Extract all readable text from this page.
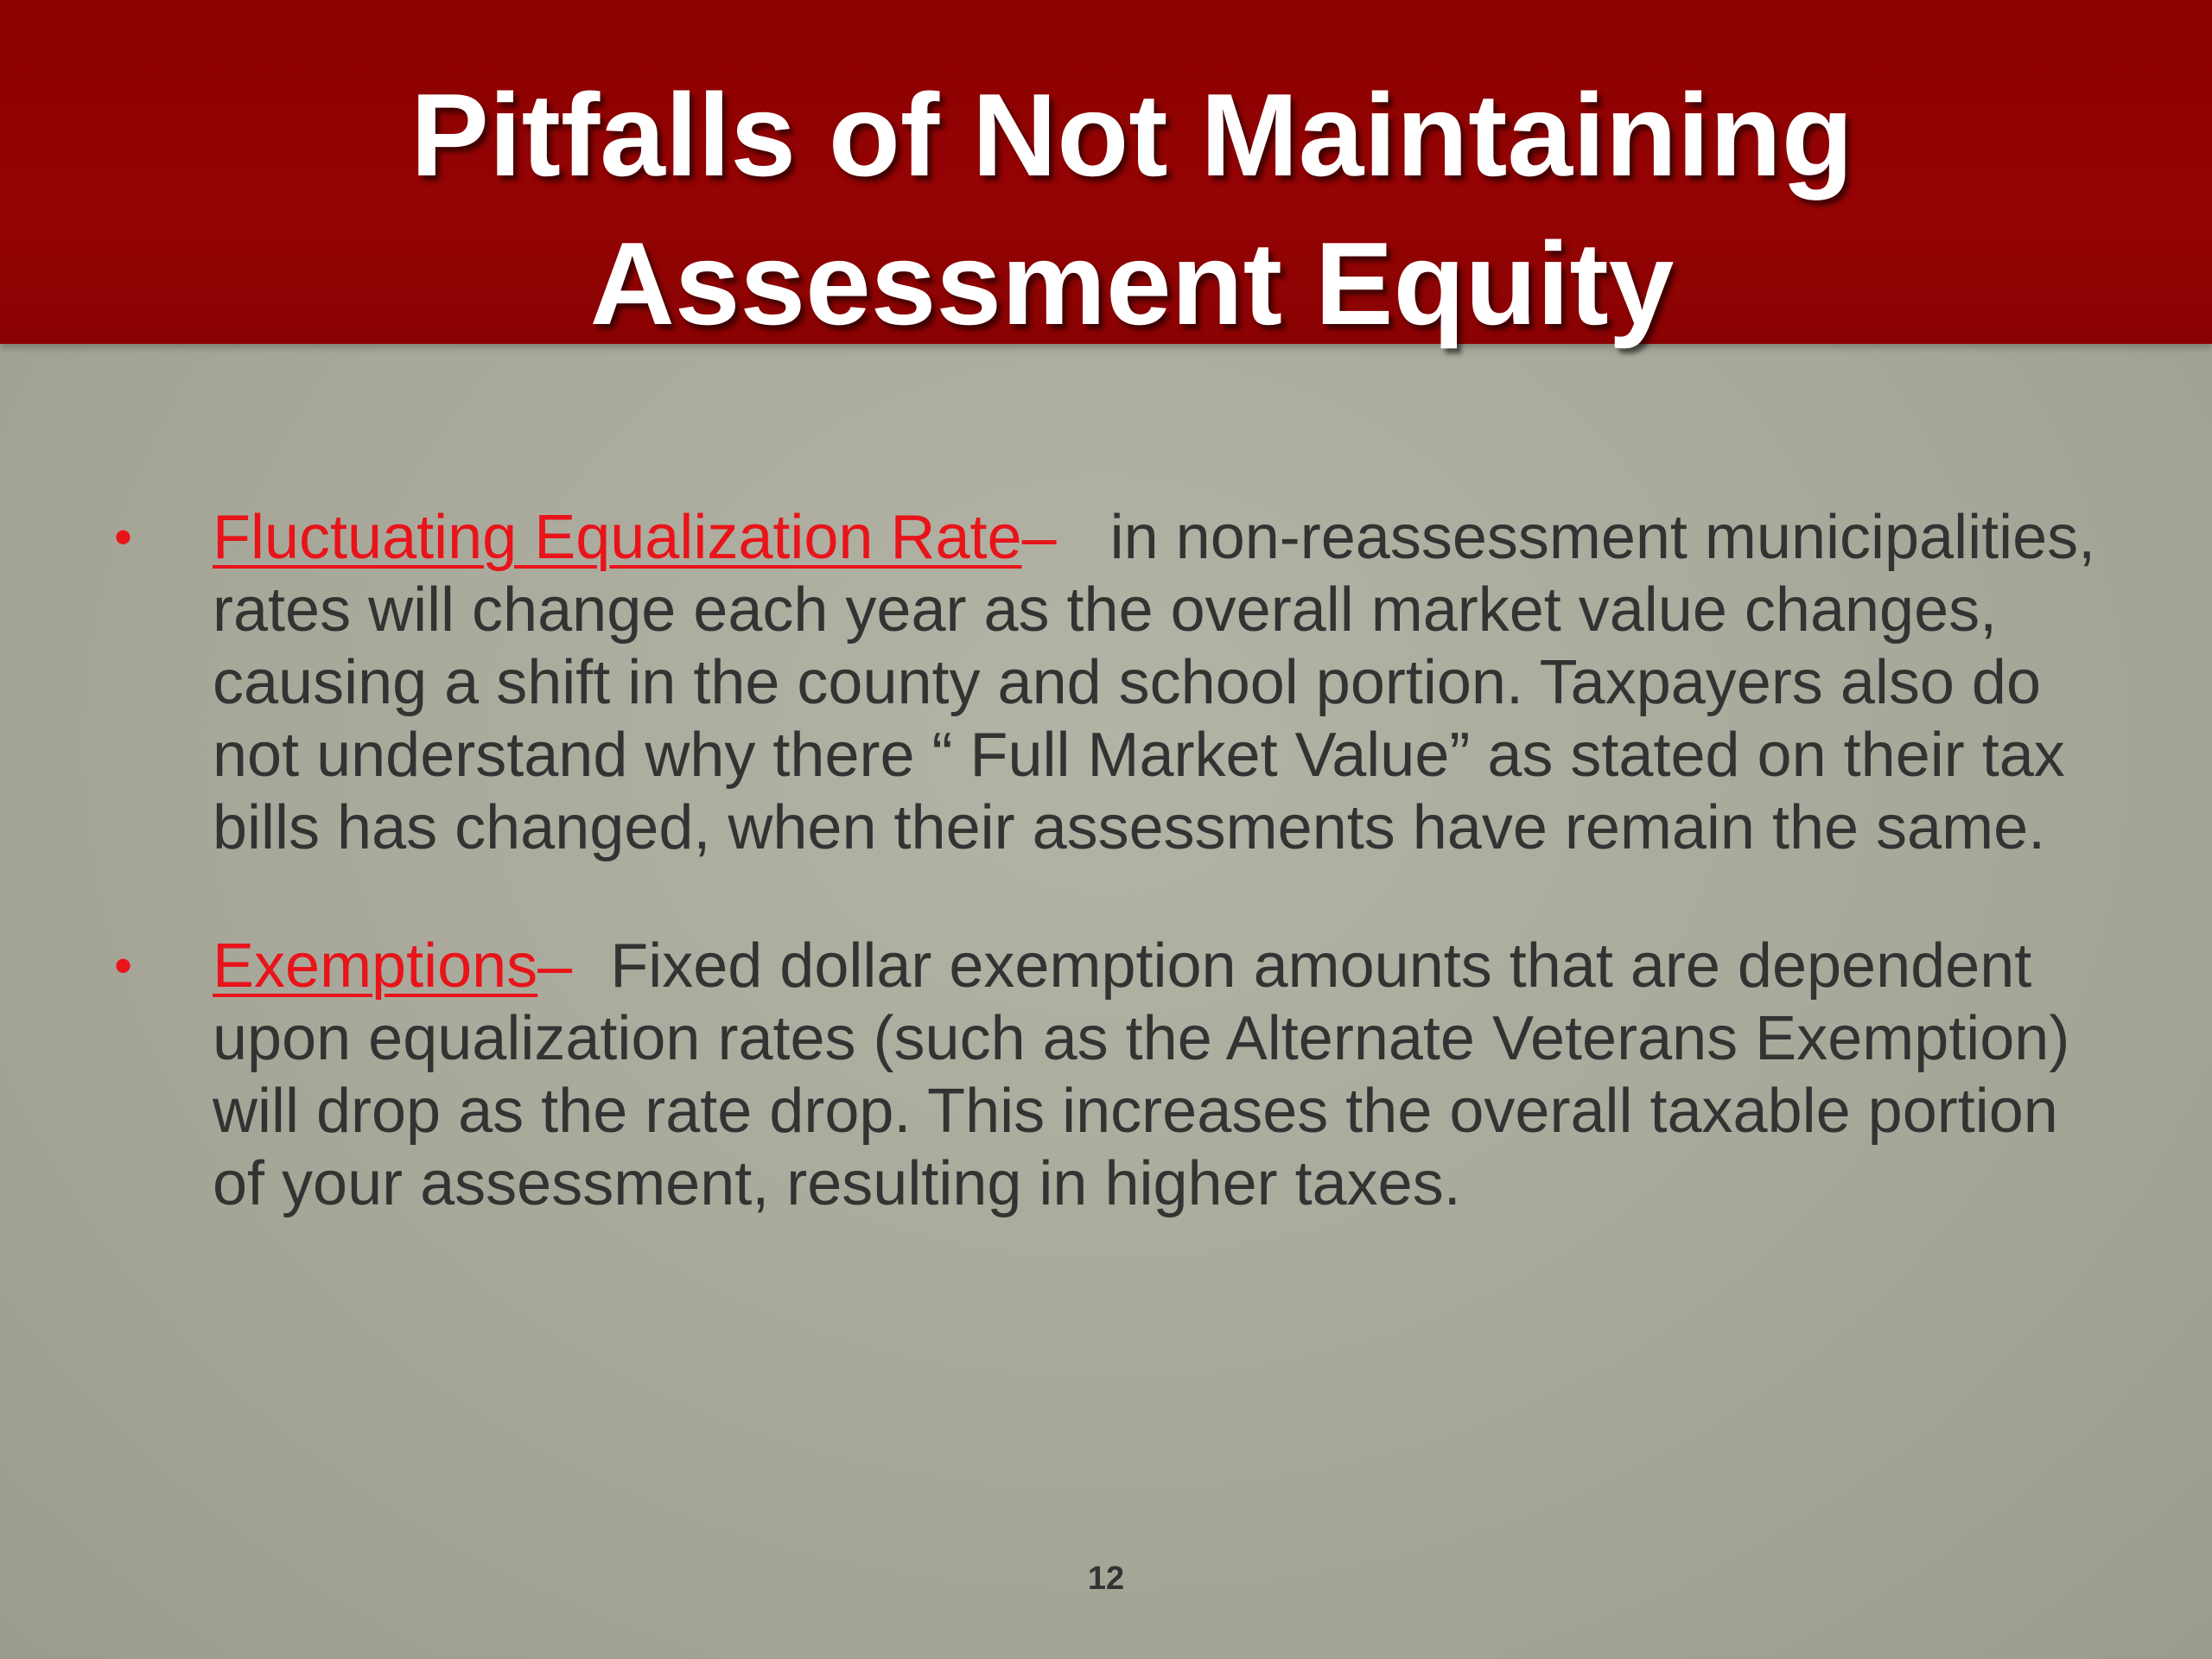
Pitfalls of Not Maintaining
Assessment Equity
• Fluctuating Equalization Rate– in non-reassessment municipalities, rates will change each year as the overall market value changes, causing a shift in the county and school portion. Taxpayers also do not understand why there “ Full Market Value” as stated on their tax bills has changed, when their assessments have remain the same.
• Exemptions– Fixed dollar exemption amounts that are dependent upon equalization rates (such as the Alternate Veterans Exemption) will drop as the rate drop. This increases the overall taxable portion of your assessment, resulting in higher taxes.
12
